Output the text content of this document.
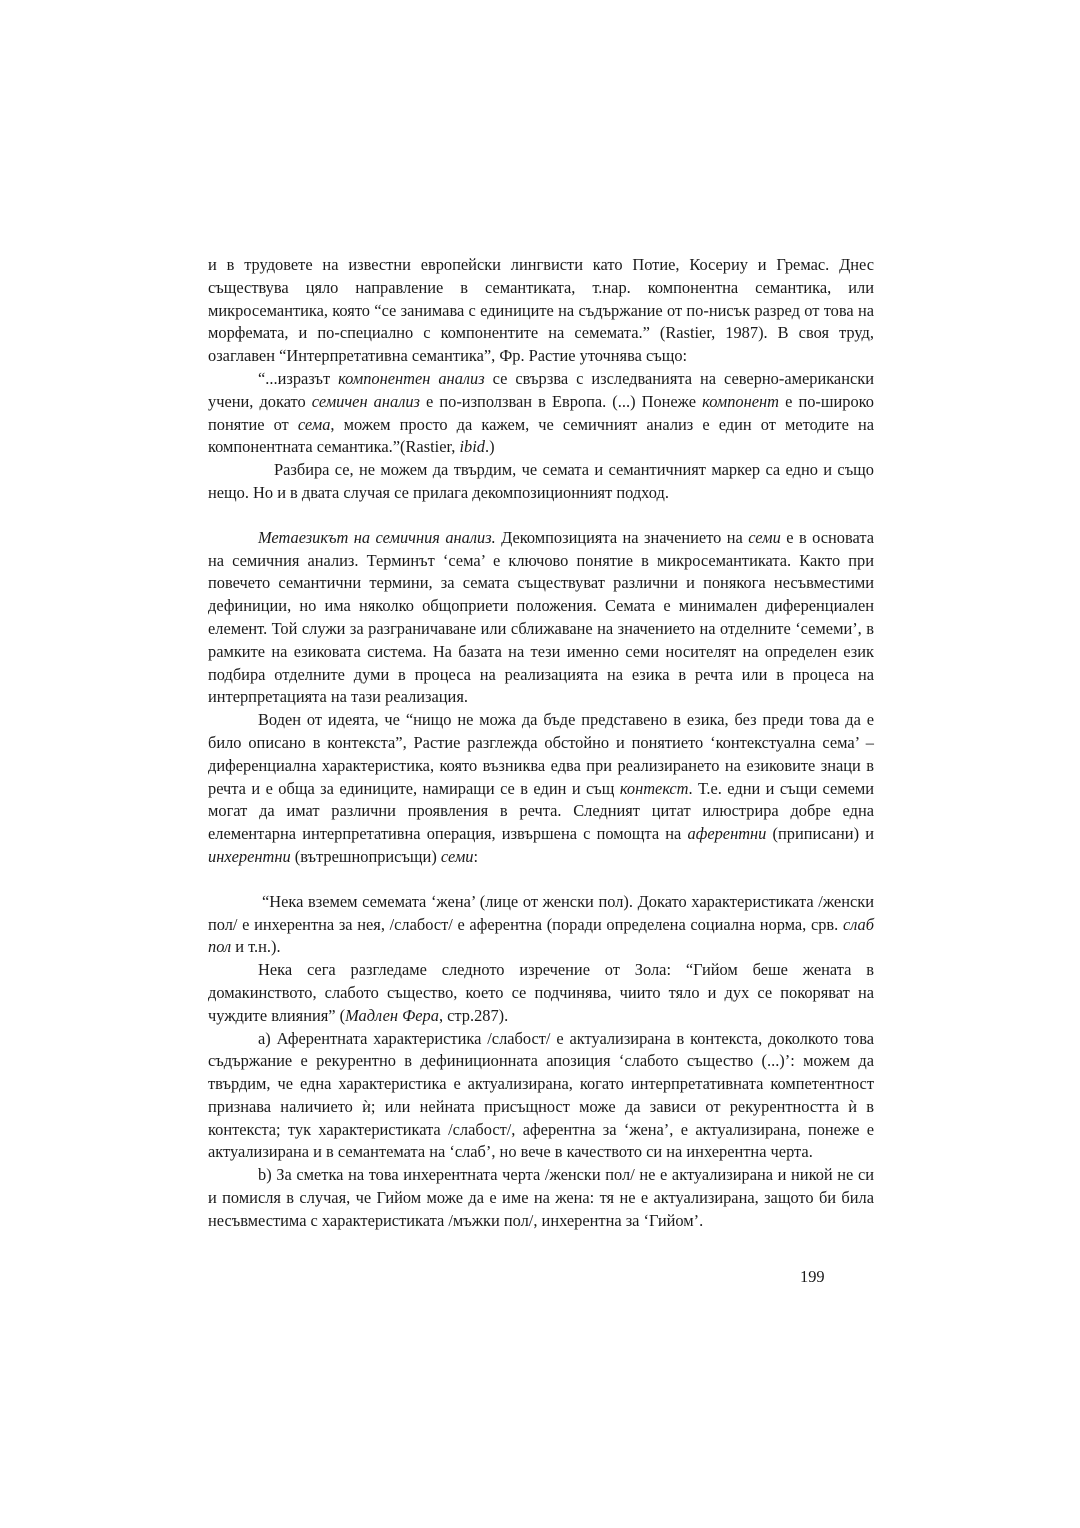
и в трудовете на известни европейски лингвисти като Потие, Косериу и Гремас. Днес съществува цяло направление в семантиката, т.нар. компонентна семантика, или микросемантика, която “се занимава с единиците на съдържание от по-нисък разред от това на морфемата, и по-специално с компонентите на семемата.” (Rastier, 1987). В своя труд, озаглавен “Интерпретативна семантика”, Фр. Растие уточнява също:

“...изразът компонентен анализ се свързва с изследванията на северно-американски учени, докато семичен анализ е по-използван в Европа. (...) Понеже компонент е по-широко понятие от сема, можем просто да кажем, че семичният анализ е един от методите на компонентната семантика.”(Rastier, ibid.)

Разбира се, не можем да твърдим, че семата и семантичният маркер са едно и също нещо. Но и в двата случая се прилага декомпозиционният подход.

Метаезикът на семичния анализ. Декомпозицията на значението на семи е в основата на семичния анализ. Терминът ‘сема’ е ключово понятие в микросемантиката. Както при повечето семантични термини, за семата съществуват различни и понякога несъвместими дефиниции, но има няколко общоприети положения. Семата е минимален диференциален елемент. Той служи за разграничаване или сближаване на значението на отделните ‘семеми’, в рамките на езиковата система. На базата на тези именно семи носителят на определен език подбира отделните думи в процеса на реализацията на езика в речта или в процеса на интерпретацията на тази реализация.

Воден от идеята, че “нищо не можа да бъде представено в езика, без преди това да е било описано в контекста”, Растие разглежда обстойно и понятието ‘контекстуална сема’ – диференциална характеристика, която възниква едва при реализирането на езиковите знаци в речта и е обща за единиците, намиращи се в един и същ контекст. Т.е. едни и същи семеми могат да имат различни проявления в речта. Следният цитат илюстрира добре една елементарна интерпретативна операция, извършена с помощта на аферентни (приписани) и инхерентни (вътрешноприсъщи) семи:

“Нека вземем семемата ‘жена’ (лице от женски пол). Докато характеристиката /женски пол/ е инхерентна за нея, /слабост/ е аферентна (поради определена социална норма, срв. слаб пол и т.н.).

Нека сега разгледаме следното изречение от Зола: “Гийом беше жената в домакинството, слабото същество, което се подчинява, чиито тяло и дух се покоряват на чуждите влияния” (Мадлен Фера, стр.287).

а) Аферентната характеристика /слабост/ е актуализирана в контекста, доколкото това съдържание е рекурентно в дефиниционната апозиция ‘слабото същество (...)’: можем да твърдим, че една характеристика е актуализирана, когато интерпретативната компетентност признава наличието ѝ; или нейната присъщност може да зависи от рекурентността ѝ в контекста; тук характеристиката /слабост/, аферентна за ‘жена’, е актуализирана, понеже е актуализирана и в семантемата на ‘слаб’, но вече в качеството си на инхерентна черта.

b) За сметка на това инхерентната черта /женски пол/ не е актуализирана и никой не си и помисля в случая, че Гийом може да е име на жена: тя не е актуализирана, защото би била несъвместима с характеристиката /мъжки пол/, инхерентна за ‘Гийом’.

199
